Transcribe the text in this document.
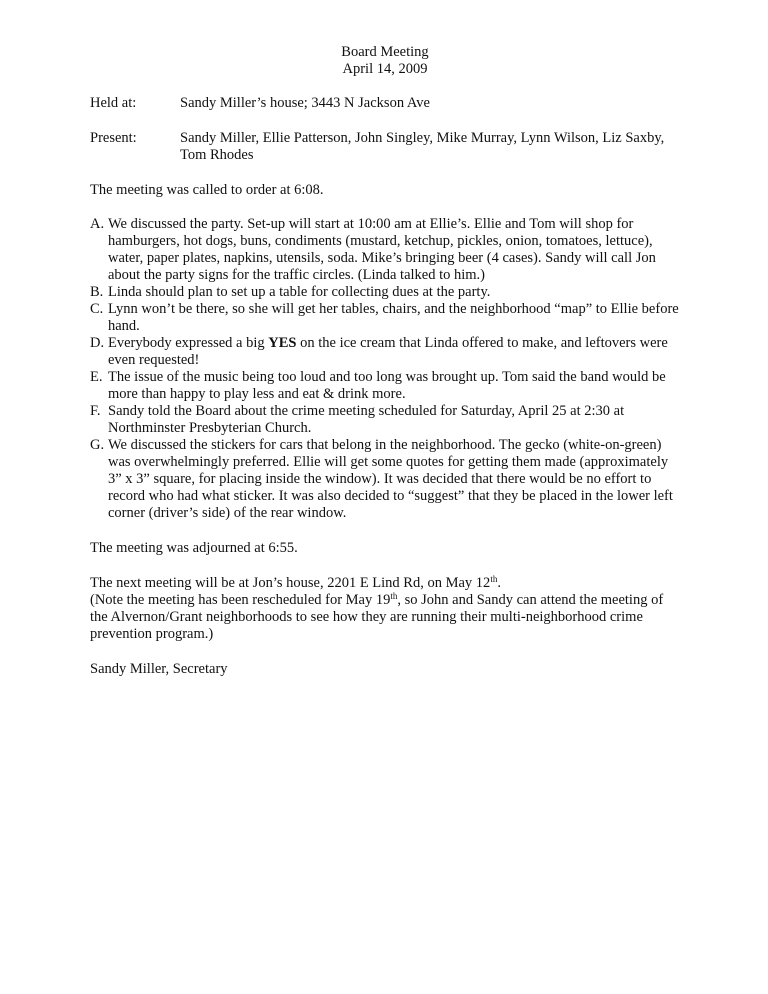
Board Meeting

April 14, 2009

Held at:	Sandy Miller’s house; 3443 N Jackson Ave
Present:	Sandy Miller, Ellie Patterson, John Singley, Mike Murray, Lynn Wilson, Liz Saxby, Tom Rhodes

The meeting was called to order at 6:08.

A. We discussed the party. Set-up will start at 10:00 am at Ellie’s. Ellie and Tom will shop for hamburgers, hot dogs, buns, condiments (mustard, ketchup, pickles, onion, tomatoes, lettuce), water, paper plates, napkins, utensils, soda. Mike’s bringing beer (4 cases). Sandy will call Jon about the party signs for the traffic circles. (Linda talked to him.)
B. Linda should plan to set up a table for collecting dues at the party.
C. Lynn won’t be there, so she will get her tables, chairs, and the neighborhood “map” to Ellie before hand.
D. Everybody expressed a big YES on the ice cream that Linda offered to make, and leftovers were even requested!
E. The issue of the music being too loud and too long was brought up. Tom said the band would be more than happy to play less and eat & drink more.
F. Sandy told the Board about the crime meeting scheduled for Saturday, April 25 at 2:30 at Northminster Presbyterian Church.
G. We discussed the stickers for cars that belong in the neighborhood. The gecko (white-on-green) was overwhelmingly preferred. Ellie will get some quotes for getting them made (approximately 3” x 3” square, for placing inside the window). It was decided that there would be no effort to record who had what sticker. It was also decided to “suggest” that they be placed in the lower left corner (driver’s side) of the rear window.

The meeting was adjourned at 6:55.

The next meeting will be at Jon’s house, 2201 E Lind Rd, on May 12th.

(Note the meeting has been rescheduled for May 19th, so John and Sandy can attend the meeting of the Alvernon/Grant neighborhoods to see how they are running their multi-neighborhood crime prevention program.)

Sandy Miller, Secretary
